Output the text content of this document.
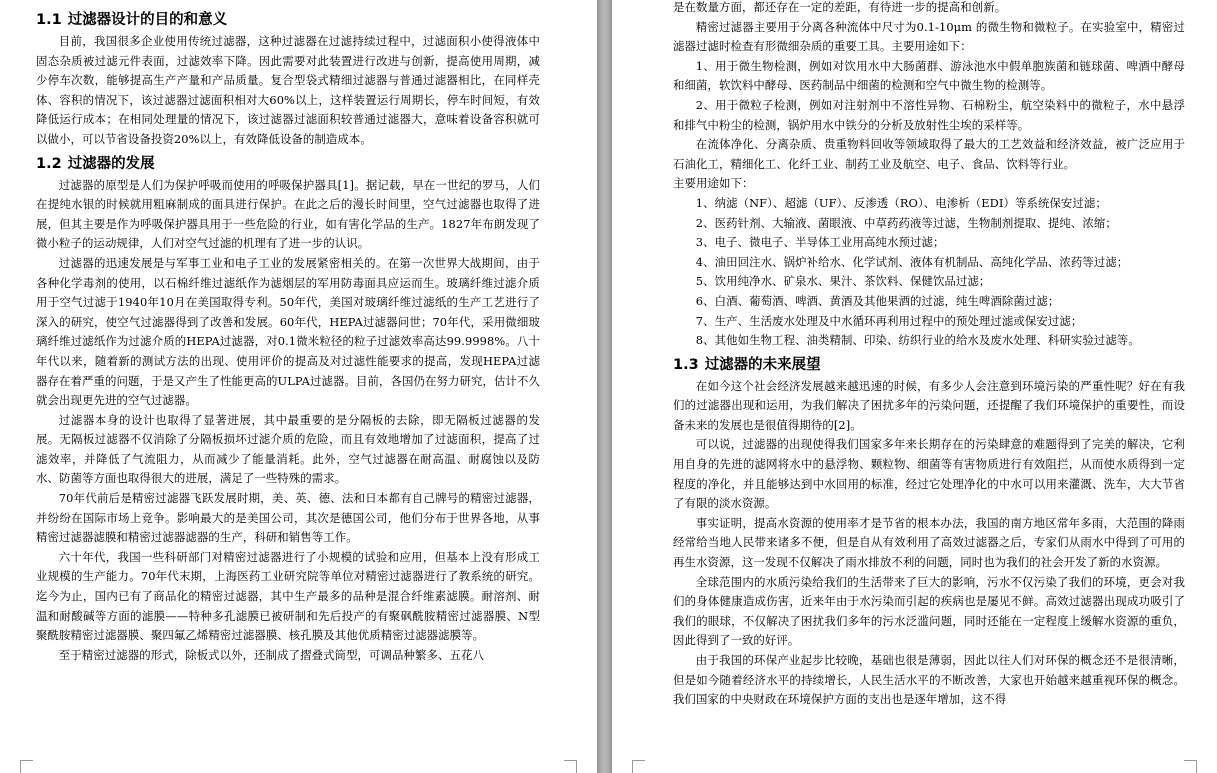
1.1 过滤器设计的目的和意义

目前，我国很多企业使用传统过滤器，这种过滤器在过滤持续过程中，过滤面积小使得液体中固态杂质被过滤元件表面，过滤效率下降。因此需要对此装置进行改进与创新，提高使用周期，减少停车次数，能够提高生产产量和产品质量。复合型袋式精细过滤器与普通过滤器相比，在同样壳体、容积的情况下，该过滤器过滤面积相对大60%以上，这样装置运行周期长，停车时间短，有效降低运行成本；在相同处理量的情况下，该过滤器过滤面积较普通过滤器大，意味着设备容积就可以做小，可以节省设备投资20%以上，有效降低设备的制造成本。

1.2 过滤器的发展

过滤器的原型是人们为保护呼吸而使用的呼吸保护器具[1]。据记载，早在一世纪的罗马，人们在提纯水银的时候就用粗麻制成的面具进行保护。在此之后的漫长时间里，空气过滤器也取得了进展，但其主要是作为呼吸保护器具用于一些危险的行业，如有害化学品的生产。1827年布朗发现了微小粒子的运动规律，人们对空气过滤的机理有了进一步的认识。

过滤器的迅速发展是与军事工业和电子工业的发展紧密相关的。在第一次世界大战期间，由于各种化学毒剂的使用，以石棉纤维过滤纸作为滤烟层的军用防毒面具应运而生。玻璃纤维过滤介质用于空气过滤于1940年10月在美国取得专利。50年代，美国对玻璃纤维过滤纸的生产工艺进行了深入的研究，使空气过滤器得到了改善和发展。60年代，HEPA过滤器问世；70年代，采用微细玻璃纤维过滤纸作为过滤介质的HEPA过滤器，对0.1微米粒径的粒子过滤效率高达99.9998%。八十年代以来，随着新的测试方法的出现、使用评价的提高及对过滤性能要求的提高，发现HEPA过滤器存在着严重的问题，于是又产生了性能更高的ULPA过滤器。目前，各国仍在努力研究，估计不久就会出现更先进的空气过滤器。

过滤器本身的设计也取得了显著进展，其中最重要的是分隔板的去除，即无隔板过滤器的发展。无隔板过滤器不仅消除了分隔板损坏过滤介质的危险，而且有效地增加了过滤面积，提高了过滤效率，并降低了气流阻力，从而减少了能量消耗。此外，空气过滤器在耐高温、耐腐蚀以及防水、防菌等方面也取得很大的进展，满足了一些特殊的需求。

70年代前后是精密过滤器飞跃发展时期，美、英、德、法和日本都有自己牌号的精密过滤器，并纷纷在国际市场上竞争。影响最大的是美国公司，其次是德国公司，他们分布于世界各地，从事精密过滤器滤膜和精密过滤器滤器的生产，科研和销售等工作。

六十年代，我国一些科研部门对精密过滤器进行了小规模的试验和应用，但基本上没有形成工业规模的生产能力。70年代末期，上海医药工业研究院等单位对精密过滤器进行了教系统的研究。迄今为止，国内已有了商品化的精密过滤器，其中生产最多的品种是混合纤维素滤膜。耐溶剂、耐温和耐酸碱等方面的滤膜——特种多孔滤膜已被研制和先后投产的有聚砜酰胺精密过滤器膜、N型聚酰胺精密过滤器膜、聚四氟乙烯精密过滤器膜、核孔膜及其他优质精密过滤器滤膜等。

至于精密过滤器的形式，除板式以外，还制成了摺叠式筒型，可调品种繁多、五花八

是在数量方面，都还存在一定的差距，有待进一步的提高和创新。

精密过滤器主要用于分离各种流体中尺寸为0.1-10μm 的微生物和微粒子。在实验室中，精密过滤器过滤时检查有形微细杂质的重要工具。主要用途如下：

1、用于微生物检测，例如对饮用水中大肠菌群、游泳池水中假单胞族菌和链球菌、啤酒中酵母和细菌，软饮料中酵母、医药制品中细菌的检测和空气中微生物的检测等。

2、用于微粒子检测，例如对注射剂中不溶性异物、石棉粉尘，航空染料中的微粒子，水中悬浮和排气中粉尘的检测，锅炉用水中铁分的分析及放射性尘埃的采样等。

在流体净化、分离杂质、贵重物料回收等领域取得了最大的工艺效益和经济效益，被广泛应用于石油化工，精细化工、化纤工业、制药工业及航空、电子、食品、饮料等行业。

主要用途如下：

1、纳滤（NF）、超滤（UF）、反渗透（RO）、电渗析（EDI）等系统保安过滤；

2、医药针剂、大输液、菌眼液、中草药药液等过滤，生物制剂提取、提纯、浓缩；

3、电子、微电子、半导体工业用高纯水预过滤；

4、油田回注水、锅炉补给水、化学试剂、液体有机制品、高纯化学品、浓药等过滤；

5、饮用纯净水、矿泉水、果汁、茶饮料、保健饮品过滤；

6、白酒、葡萄酒、啤酒、黄酒及其他果酒的过滤，纯生啤酒除菌过滤；

7、生产、生活废水处理及中水循环再利用过程中的预处理过滤或保安过滤；

8、其他如生物工程、油类精制、印染、纺织行业的给水及废水处理、科研实验过滤等。

1.3 过滤器的未来展望

在如今这个社会经济发展越来越迅速的时候，有多少人会注意到环境污染的严重性呢？好在有我们的过滤器出现和运用，为我们解决了困扰多年的污染问题，还提醒了我们环境保护的重要性，而设备未来的发展也是很值得期待的[2]。

可以说，过滤器的出现使得我们国家多年来长期存在的污染肆意的难题得到了完美的解决，它利用自身的先进的滤网将水中的悬浮物、颗粒物、细菌等有害物质进行有效阻拦，从而使水质得到一定程度的净化，并且能够达到中水回用的标准，经过它处理净化的中水可以用来灌溉、洗车，大大节省了有限的淡水资源。

事实证明，提高水资源的使用率才是节省的根本办法，我国的南方地区常年多雨，大范围的降雨经常给当地人民带来诸多不便，但是自从有效利用了高效过滤器之后，专家们从雨水中得到了可用的再生水资源，这一发现不仅解决了雨水排放不利的问题，同时也为我们的社会开发了新的水资源。

全球范围内的水质污染给我们的生活带来了巨大的影响，污水不仅污染了我们的环境，更会对我们的身体健康造成伤害，近来年由于水污染而引起的疾病也是屡见不鲜。高效过滤器出现成功吸引了我们的眼球，不仅解决了困扰我们多年的污水泛滥问题，同时还能在一定程度上缓解水资源的重负，因此得到了一致的好评。

由于我国的环保产业起步比较晚，基础也很是薄弱，因此以往人们对环保的概念还不是很清晰，但是如今随着经济水平的持续增长，人民生活水平的不断改善，大家也开始越来越重视环保的概念。我们国家的中央财政在环境保护方面的支出也是逐年增加，这不得
